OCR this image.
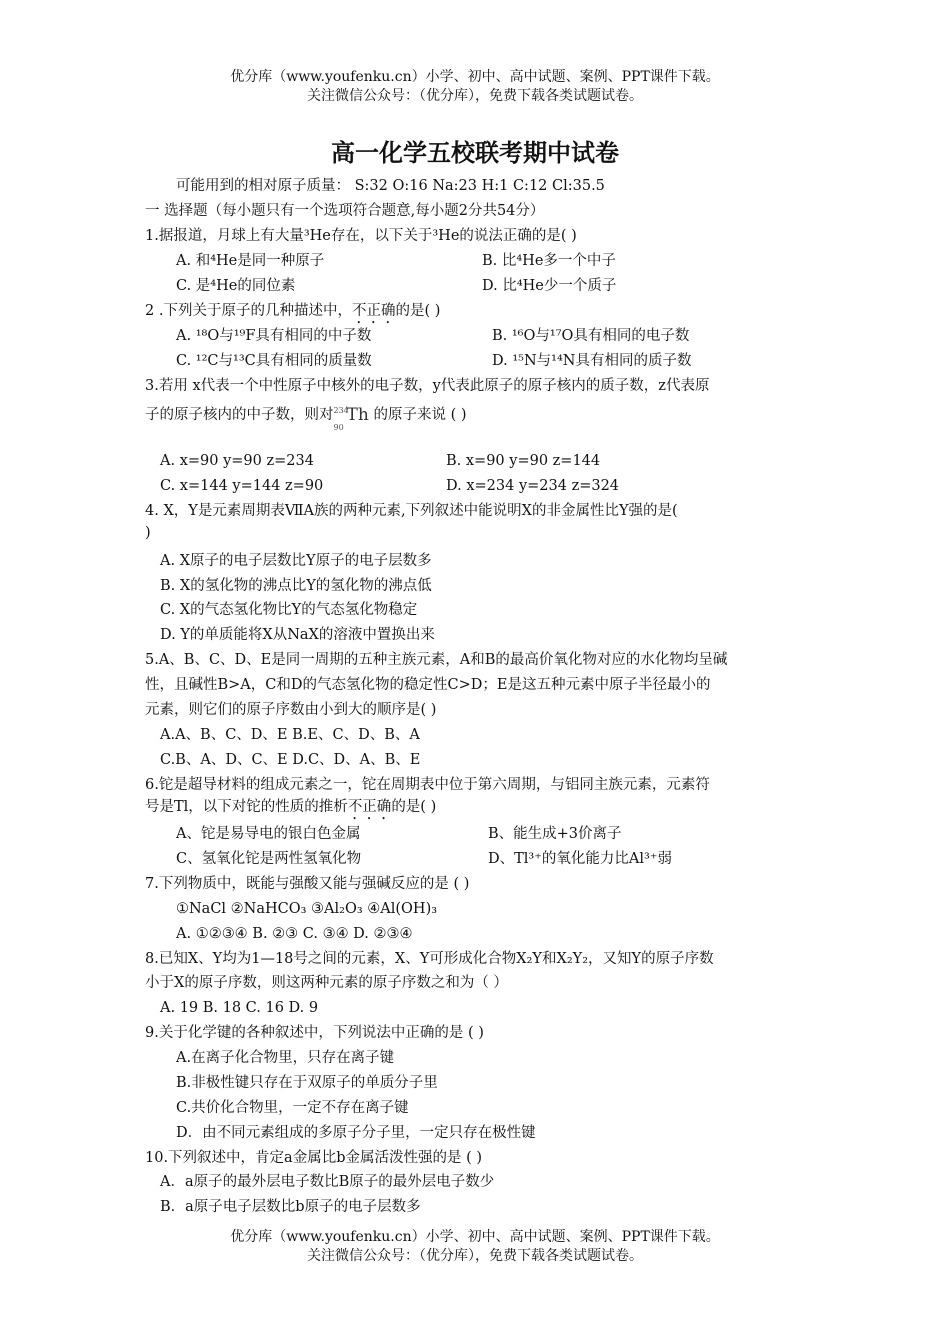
优分库（www.youfenku.cn）小学、初中、高中试题、案例、PPT课件下载。
关注微信公众号：（优分库），免费下载各类试题试卷。
高一化学五校联考期中试卷
可能用到的相对原子质量： S:32 O:16 Na:23 H:1 C:12 Cl:35.5
一 选择题（每小题只有一个选项符合题意,每小题2分共54分）
1.据报道，月球上有大量³He存在，以下关于³He的说法正确的是( )
A. 和⁴He是同一种原子	B. 比⁴He多一个中子
C. 是⁴He的同位素	D. 比⁴He少一个质子
2 .下列关于原子的几种描述中，不正确的是( )
A. ¹⁸O与¹⁹F具有相同的中子数	B. ¹⁶O与¹⁷O具有相同的电子数
C. ¹²C与¹³C具有相同的质量数	D. ¹⁵N与¹⁴N具有相同的质子数
3.若用 x代表一个中性原子中核外的电子数，y代表此原子的原子核内的质子数，z代表原
子的原子核内的中子数，则对 234
90
Th 的原子来说 ( )
A. x=90 y=90 z=234	B. x=90 y=90 z=144
C. x=144 y=144 z=90	D. x=234 y=234 z=324
4. X，Y是元素周期表ⅦA族的两种元素,下列叙述中能说明X的非金属性比Y强的是(
)
A. X原子的电子层数比Y原子的电子层数多
B. X的氢化物的沸点比Y的氢化物的沸点低
C. X的气态氢化物比Y的气态氢化物稳定
D. Y的单质能将X从NaX的溶液中置换出来
5.A、B、C、D、E是同一周期的五种主族元素，A和B的最高价氧化物对应的水化物均呈碱
性，且碱性B>A，C和D的气态氢化物的稳定性C>D；E是这五种元素中原子半径最小的
元素，则它们的原子序数由小到大的顺序是( )
A.A、B、C、D、E B.E、C、D、B、A
C.B、A、D、C、E D.C、D、A、B、E
6.铊是超导材料的组成元素之一，铊在周期表中位于第六周期，与铝同主族元素，元素符
号是Tl，以下对铊的性质的推析不正确的是( )
A、铊是易导电的银白色金属	B、能生成+3价离子
C、氢氧化铊是两性氢氧化物	D、Tl³⁺的氧化能力比Al³⁺弱
7.下列物质中，既能与强酸又能与强碱反应的是 ( )
①NaCl ②NaHCO₃ ③Al₂O₃ ④Al(OH)₃
A. ①②③④ B. ②③ C. ③④ D. ②③④
8.已知X、Y均为1—18号之间的元素，X、Y可形成化合物X₂Y和X₂Y₂，又知Y的原子序数
小于X的原子序数，则这两种元素的原子序数之和为（ ）
A. 19 B. 18 C. 16 D. 9
9.关于化学键的各种叙述中，下列说法中正确的是 ( )
A.在离子化合物里，只存在离子键
B.非极性键只存在于双原子的单质分子里
C.共价化合物里，一定不存在离子键
D．由不同元素组成的多原子分子里，一定只存在极性键
10.下列叙述中，肯定a金属比b金属活泼性强的是 ( )
A．a原子的最外层电子数比B原子的最外层电子数少
B．a原子电子层数比b原子的电子层数多
优分库（www.youfenku.cn）小学、初中、高中试题、案例、PPT课件下载。
关注微信公众号：（优分库），免费下载各类试题试卷。
